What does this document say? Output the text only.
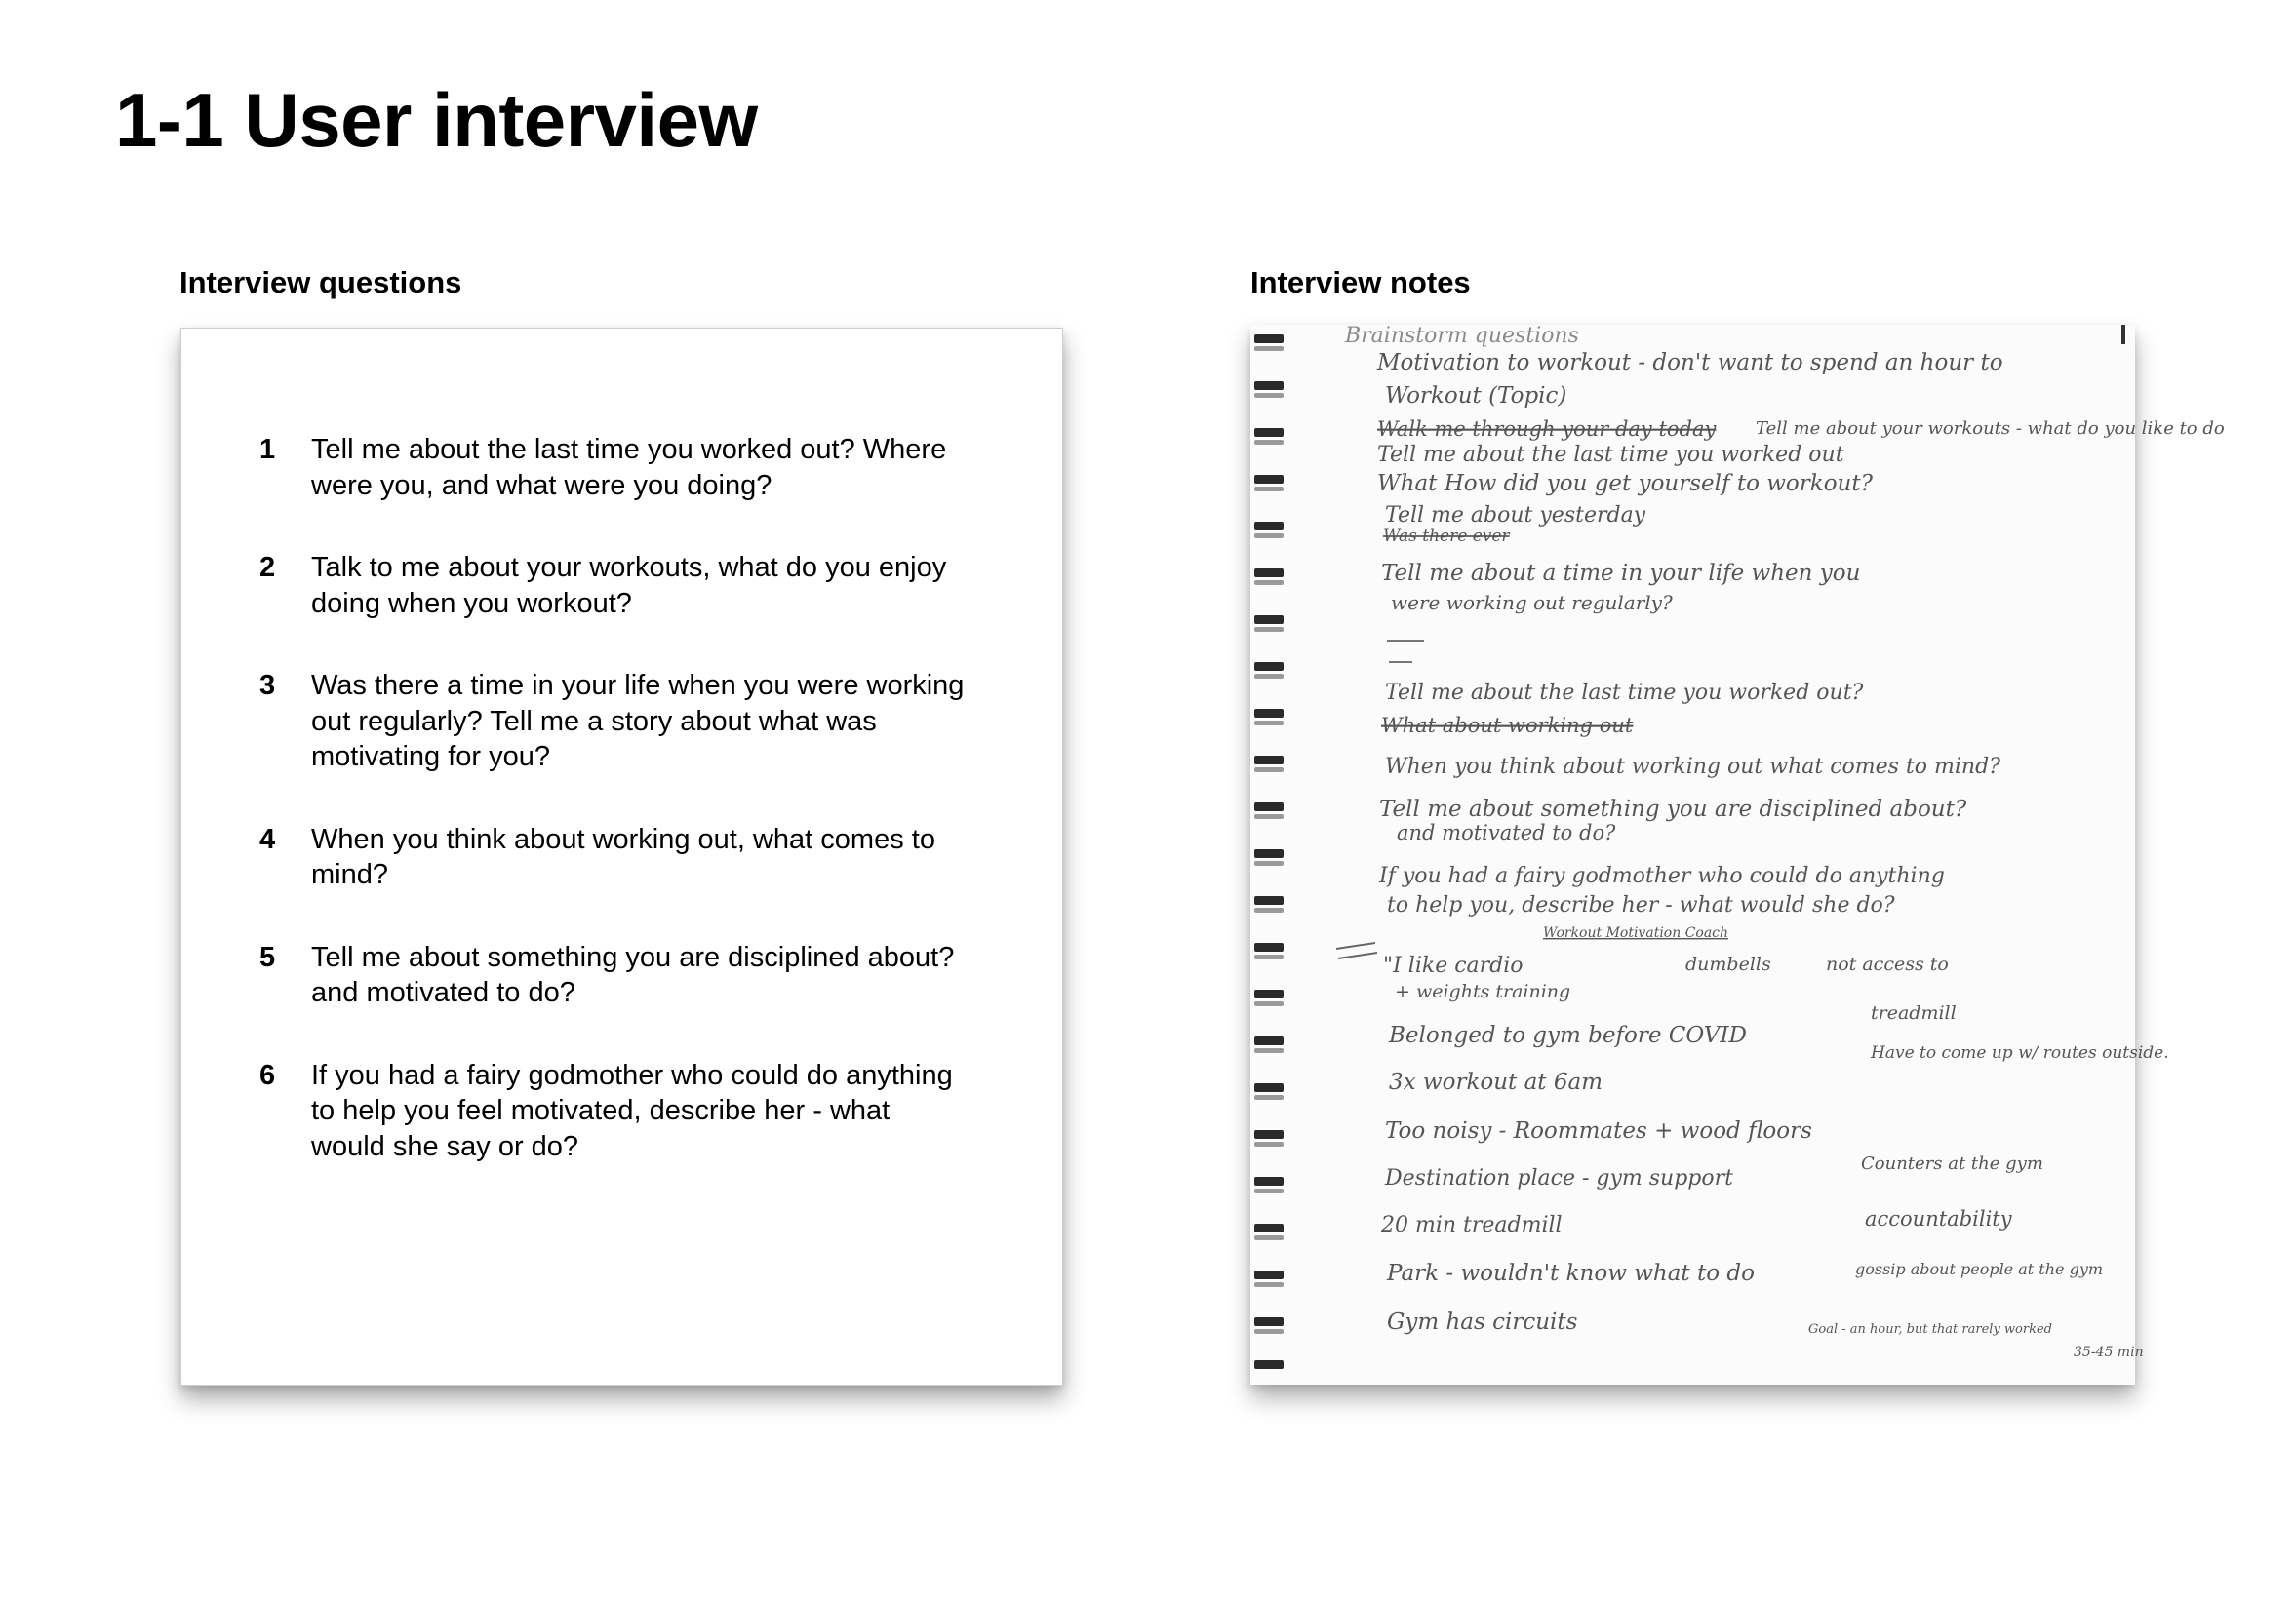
1-1 User interview
Interview questions	Interview notes
1	Tell me about the last time you worked out? Where were you, and what were you doing?
2	Talk to me about your workouts, what do you enjoy doing when you workout?
3	Was there a time in your life when you were working out regularly? Tell me a story about what was motivating for you?
4	When you think about working out, what comes to mind?
5	Tell me about something you are disciplined about? and motivated to do?
6	If you had a fairy godmother who could do anything to help you feel motivated, describe her - what would she say or do?
Brainstorm questions
Motivation to workout - don't want to spend an hour to
Workout (Topic)
Walk me through your day today Tell me about your workouts - what do you like to do
Tell me about the last time you worked out
What How did you get yourself to workout?
Tell me about yesterday
Was there ever
Tell me about a time in your life when you
were working out regularly?
Tell me about the last time you worked out?
What about working out
When you think about working out what comes to mind?
Tell me about something you are disciplined about?
and motivated to do?
If you had a fairy godmother who could do anything
to help you, describe her - what would she do?
Workout Motivation Coach
"I like cardio
+ weights training
dumbells	not access to
treadmill
Belonged to gym before COVID
Have to come up w/ routes outside.
3x workout at 6am
Too noisy - Roommates + wood floors
Destination place - gym support
Counters at the gym
20 min treadmill	accountability
Park - wouldn't know what to do	gossip about people at the gym
Gym has circuits	Goal - an hour, but that rarely worked
35-45 min
